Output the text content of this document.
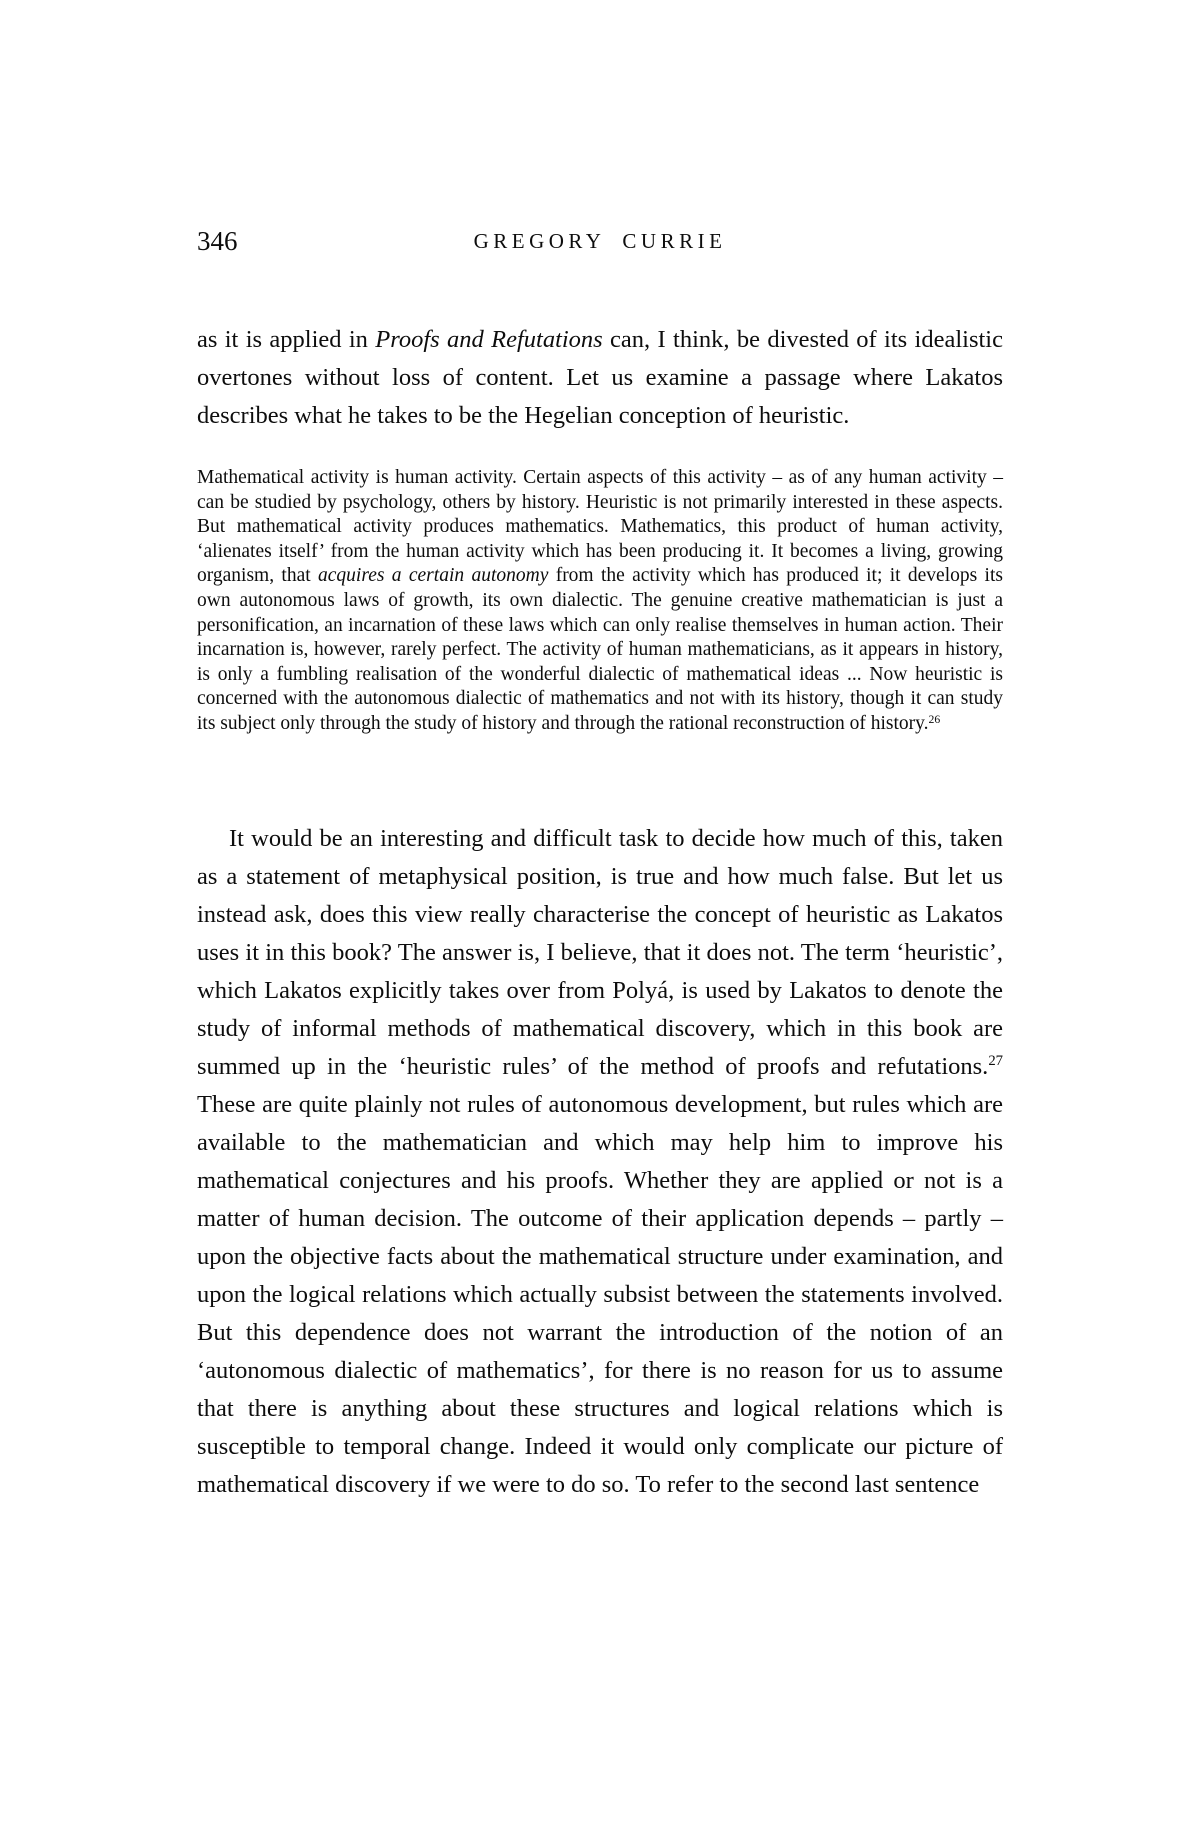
346	GREGORY CURRIE

as it is applied in Proofs and Refutations can, I think, be divested of its idealistic overtones without loss of content. Let us examine a passage where Lakatos describes what he takes to be the Hegelian conception of heuristic.

Mathematical activity is human activity. Certain aspects of this activity – as of any human activity – can be studied by psychology, others by history. Heuristic is not primarily interested in these aspects. But mathematical activity produces mathematics. Mathematics, this product of human activity, ‘alienates itself’ from the human activity which has been producing it. It becomes a living, growing organism, that acquires a certain autonomy from the activity which has produced it; it develops its own autonomous laws of growth, its own dialectic. The genuine creative mathematician is just a personification, an incarnation of these laws which can only realise themselves in human action. Their incarnation is, however, rarely perfect. The activity of human mathematicians, as it appears in history, is only a fumbling realisation of the wonderful dialectic of mathematical ideas ... Now heuristic is concerned with the autonomous dialectic of mathematics and not with its history, though it can study its subject only through the study of history and through the rational reconstruction of history.$^{26}$

It would be an interesting and difficult task to decide how much of this, taken as a statement of metaphysical position, is true and how much false. But let us instead ask, does this view really characterise the concept of heuristic as Lakatos uses it in this book? The answer is, I believe, that it does not. The term ‘heuristic’, which Lakatos explicitly takes over from Polyá, is used by Lakatos to denote the study of informal methods of mathematical discovery, which in this book are summed up in the ‘heuristic rules’ of the method of proofs and refutations.$^{27}$ These are quite plainly not rules of autonomous development, but rules which are available to the mathematician and which may help him to improve his mathematical conjectures and his proofs. Whether they are applied or not is a matter of human decision. The outcome of their application depends – partly – upon the objective facts about the mathematical structure under examination, and upon the logical relations which actually subsist between the statements involved. But this dependence does not warrant the introduction of the notion of an ‘autonomous dialectic of mathematics’, for there is no reason for us to assume that there is anything about these structures and logical relations which is susceptible to temporal change. Indeed it would only complicate our picture of mathematical discovery if we were to do so. To refer to the second last sentence
